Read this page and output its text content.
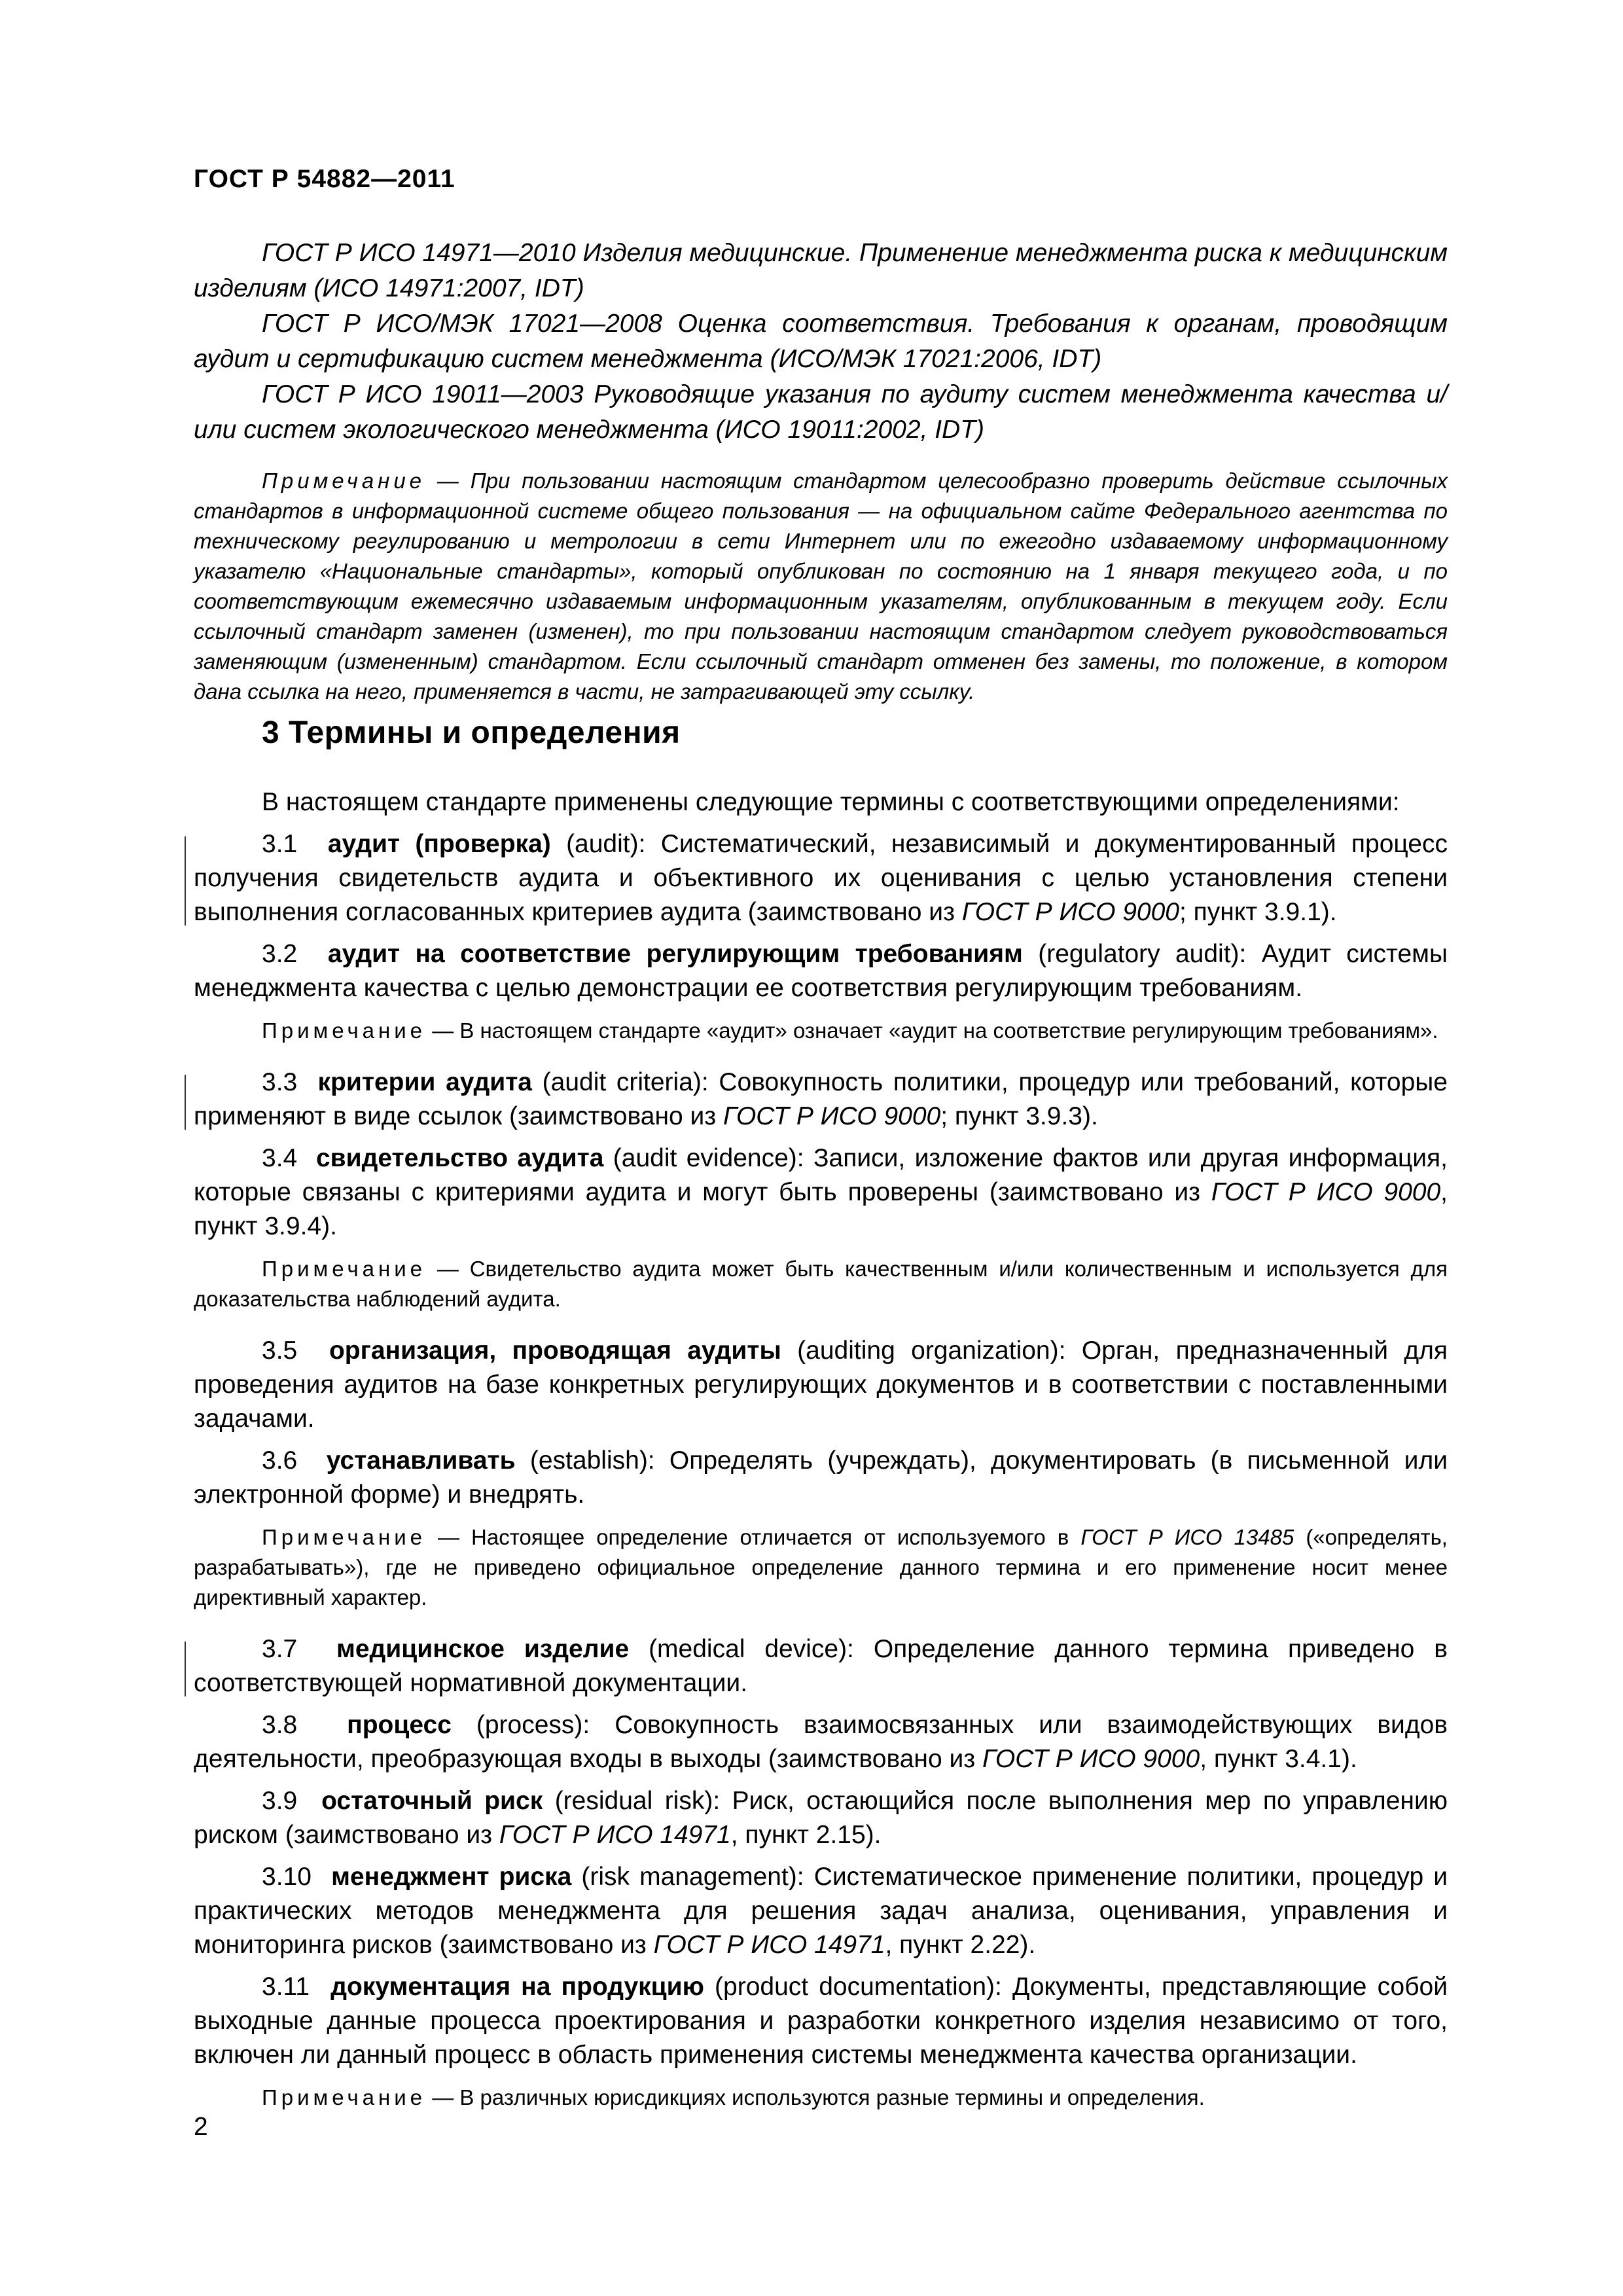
ГОСТ Р 54882—2011

ГОСТ Р ИСО 14971—2010 Изделия медицинские. Применение менеджмента риска к медицинским изделиям (ИСО 14971:2007, IDT)

ГОСТ Р ИСО/МЭК 17021—2008 Оценка соответствия. Требования к органам, проводящим аудит и сертификацию систем менеджмента (ИСО/МЭК 17021:2006, IDT)

ГОСТ Р ИСО 19011—2003 Руководящие указания по аудиту систем менеджмента качества и/или систем экологического менеджмента (ИСО 19011:2002, IDT)

Примечание — При пользовании настоящим стандартом целесообразно проверить действие ссылочных стандартов в информационной системе общего пользования — на официальном сайте Федерального агентства по техническому регулированию и метрологии в сети Интернет или по ежегодно издаваемому информационному указателю «Национальные стандарты», который опубликован по состоянию на 1 января текущего года, и по соответствующим ежемесячно издаваемым информационным указателям, опубликованным в текущем году. Если ссылочный стандарт заменен (изменен), то при пользовании настоящим стандартом следует руководствоваться заменяющим (измененным) стандартом. Если ссылочный стандарт отменен без замены, то положение, в котором дана ссылка на него, применяется в части, не затрагивающей эту ссылку.

3 Термины и определения

В настоящем стандарте применены следующие термины с соответствующими определениями:

3.1 аудит (проверка) (audit): Систематический, независимый и документированный процесс получения свидетельств аудита и объективного их оценивания с целью установления степени выполнения согласованных критериев аудита (заимствовано из ГОСТ Р ИСО 9000; пункт 3.9.1).

3.2 аудит на соответствие регулирующим требованиям (regulatory audit): Аудит системы менеджмента качества с целью демонстрации ее соответствия регулирующим требованиям.

Примечание — В настоящем стандарте «аудит» означает «аудит на соответствие регулирующим требованиям».

3.3 критерии аудита (audit criteria): Совокупность политики, процедур или требований, которые применяют в виде ссылок (заимствовано из ГОСТ Р ИСО 9000; пункт 3.9.3).

3.4 свидетельство аудита (audit evidence): Записи, изложение фактов или другая информация, которые связаны с критериями аудита и могут быть проверены (заимствовано из ГОСТ Р ИСО 9000, пункт 3.9.4).

Примечание — Свидетельство аудита может быть качественным и/или количественным и используется для доказательства наблюдений аудита.

3.5 организация, проводящая аудиты (auditing organization): Орган, предназначенный для проведения аудитов на базе конкретных регулирующих документов и в соответствии с поставленными задачами.

3.6 устанавливать (establish): Определять (учреждать), документировать (в письменной или электронной форме) и внедрять.

Примечание — Настоящее определение отличается от используемого в ГОСТ Р ИСО 13485 («определять, разрабатывать»), где не приведено официальное определение данного термина и его применение носит менее директивный характер.

3.7 медицинское изделие (medical device): Определение данного термина приведено в соответствующей нормативной документации.

3.8 процесс (process): Совокупность взаимосвязанных или взаимодействующих видов деятельности, преобразующая входы в выходы (заимствовано из ГОСТ Р ИСО 9000, пункт 3.4.1).

3.9 остаточный риск (residual risk): Риск, остающийся после выполнения мер по управлению риском (заимствовано из ГОСТ Р ИСО 14971, пункт 2.15).

3.10 менеджмент риска (risk management): Систематическое применение политики, процедур и практических методов менеджмента для решения задач анализа, оценивания, управления и мониторинга рисков (заимствовано из ГОСТ Р ИСО 14971, пункт 2.22).

3.11 документация на продукцию (product documentation): Документы, представляющие собой выходные данные процесса проектирования и разработки конкретного изделия независимо от того, включен ли данный процесс в область применения системы менеджмента качества организации.

Примечание — В различных юрисдикциях используются разные термины и определения.

2
